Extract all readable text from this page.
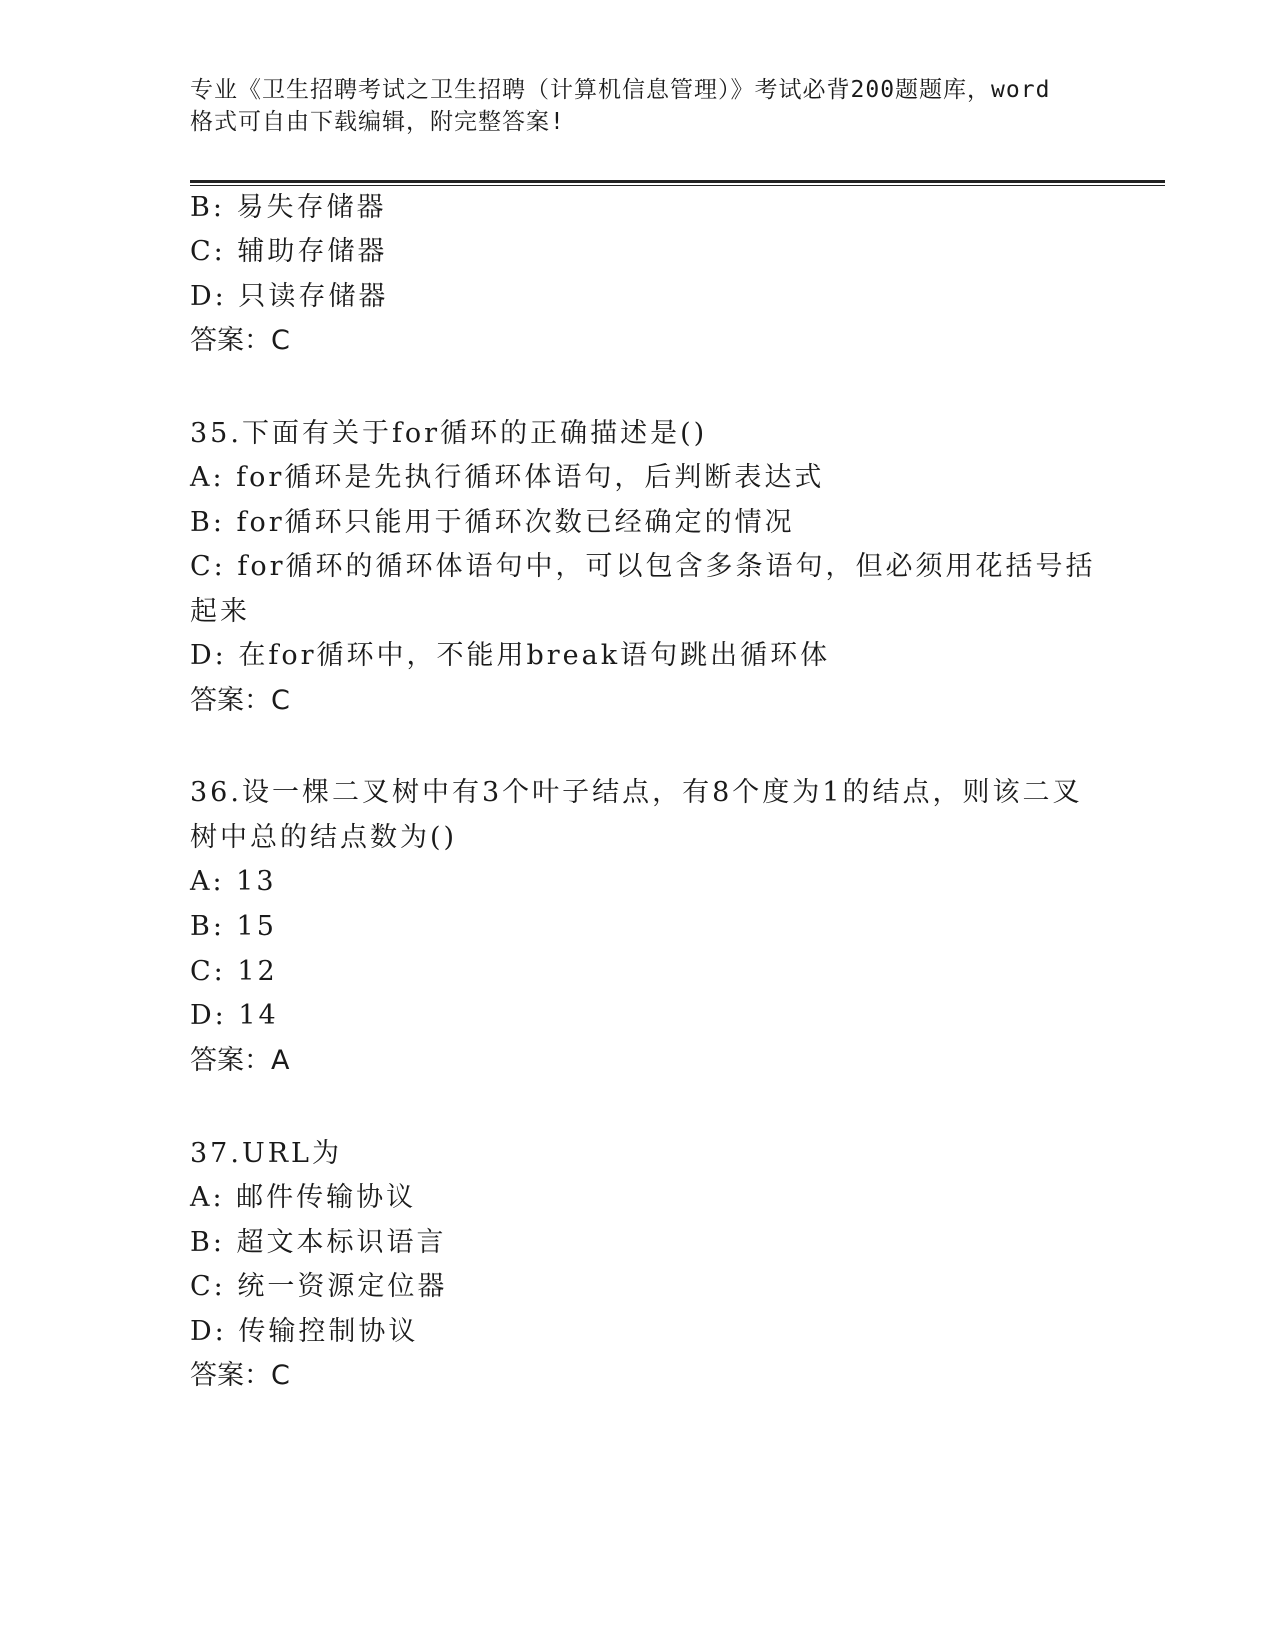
专业《卫生招聘考试之卫生招聘（计算机信息管理）》考试必背200题题库，word
格式可自由下载编辑，附完整答案!
B: 易失存储器
C: 辅助存储器
D: 只读存储器
答案：C
35.下面有关于for循环的正确描述是()
A: for循环是先执行循环体语句，后判断表达式
B: for循环只能用于循环次数已经确定的情况
C: for循环的循环体语句中，可以包含多条语句，但必须用花括号括
起来
D: 在for循环中，不能用break语句跳出循环体
答案：C
36.设一棵二叉树中有3个叶子结点，有8个度为1的结点，则该二叉
树中总的结点数为()
A: 13
B: 15
C: 12
D: 14
答案：A
37.URL为
A: 邮件传输协议
B: 超文本标识语言
C: 统一资源定位器
D: 传输控制协议
答案：C
